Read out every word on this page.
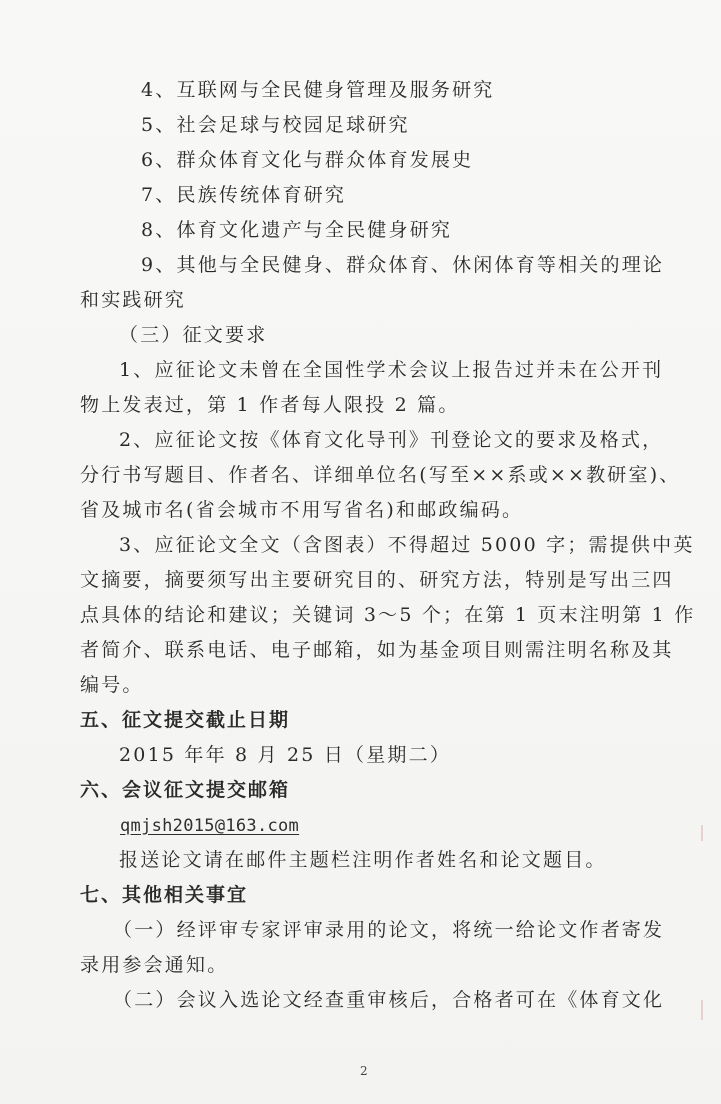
4、互联网与全民健身管理及服务研究
5、社会足球与校园足球研究
6、群众体育文化与群众体育发展史
7、民族传统体育研究
8、体育文化遗产与全民健身研究
9、其他与全民健身、群众体育、休闲体育等相关的理论
和实践研究
（三）征文要求
1、应征论文未曾在全国性学术会议上报告过并未在公开刊
物上发表过，第 1 作者每人限投 2 篇。
2、应征论文按《体育文化导刊》刊登论文的要求及格式，
分行书写题目、作者名、详细单位名(写至××系或××教研室)、
省及城市名(省会城市不用写省名)和邮政编码。
3、应征论文全文（含图表）不得超过 5000 字；需提供中英
文摘要，摘要须写出主要研究目的、研究方法，特别是写出三四
点具体的结论和建议；关键词 3～5 个；在第 1 页末注明第 1 作
者简介、联系电话、电子邮箱，如为基金项目则需注明名称及其
编号。
五、征文提交截止日期
2015 年年 8 月 25 日（星期二）
六、会议征文提交邮箱
qmjsh2015@163.com
报送论文请在邮件主题栏注明作者姓名和论文题目。
七、其他相关事宜
（一）经评审专家评审录用的论文，将统一给论文作者寄发
录用参会通知。
（二）会议入选论文经查重审核后，合格者可在《体育文化
2
